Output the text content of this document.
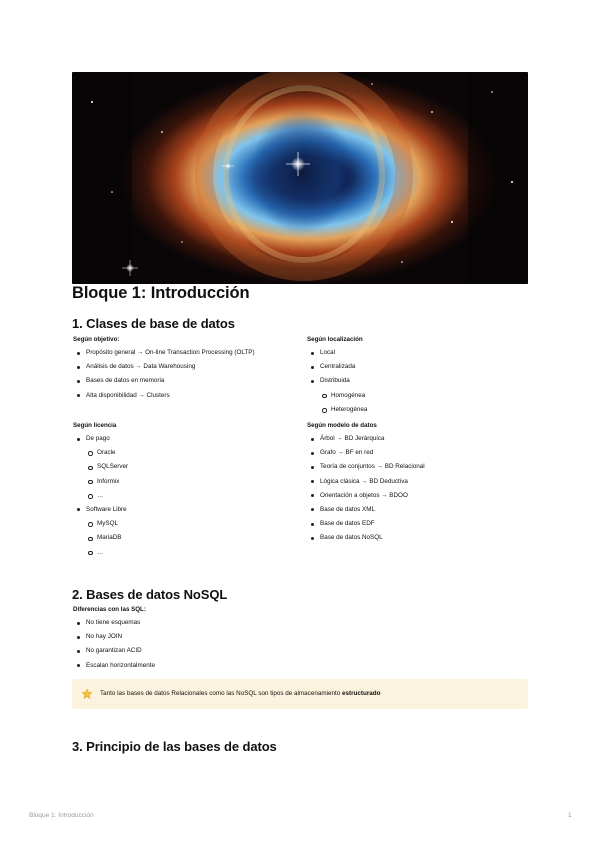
Bloque 1: Introducción
1. Clases de base de datos

Según objetivo:

Propósito general → On-line Transaction Processing (OLTP)
Análisis de datos → Data Warehousing
Bases de datos en memoria
Alta disponibilidad → Clusters

Según localización

Local
Centralizada
Distribuida
Homogénea
Heterogénea

Según licencia

De pago
Oracle
SQLServer
Informix
…
Software Libre
MySQL
MariaDB
…

Según modelo de datos

Árbol → BD Jerárquica
Grafo → BF en red
Teoría de conjuntos → BD Relacional
Lógica clásica → BD Deductiva
Orientación a objetos → BDOO
Base de datos XML
Base de datos EDF
Base de datos NoSQL
2. Bases de datos NoSQL

Diferencias con las SQL:

No tiene esquemas
No hay JOIN
No garantizan ACID
Escalan horizontalmente
Tanto las bases de datos Relacionales como las NoSQL son tipos de almacenamiento estructurado
3. Principio de las bases de datos
Bloque 1: Introducción	1
